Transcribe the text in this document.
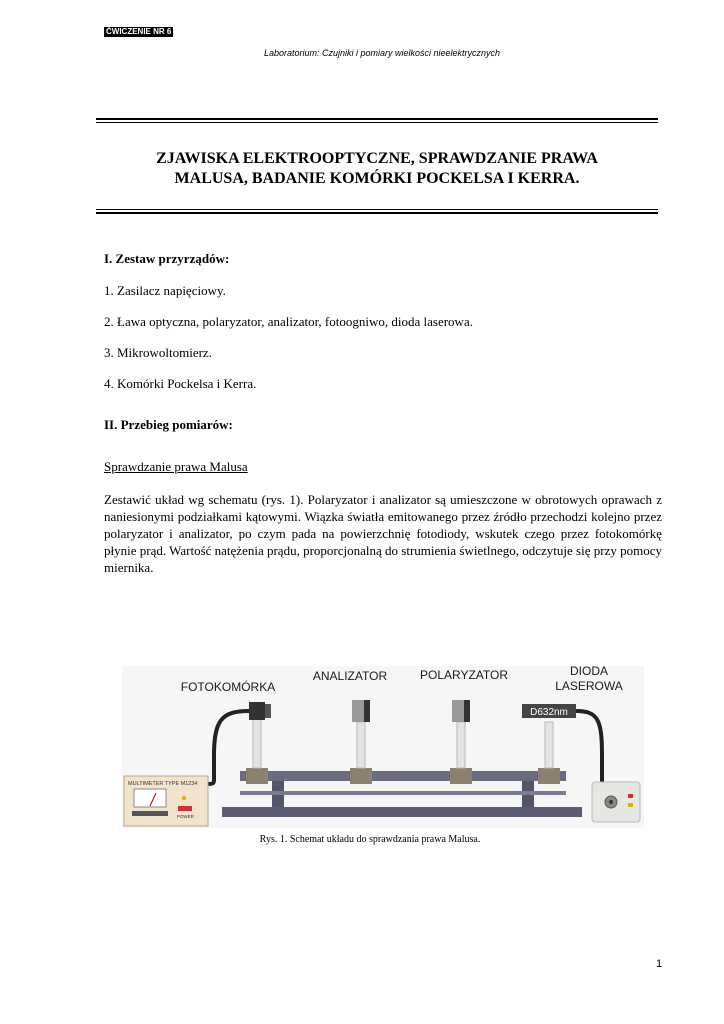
ĆWICZENIE NR 6
Laboratorium: Czujniki i pomiary wielkości nieelektrycznych
ZJAWISKA ELEKTROOPTYCZNE, SPRAWDZANIE PRAWA
MALUSA, BADANIE KOMÓRKI POCKELSA I KERRA.
I. Zestaw przyrządów:
1. Zasilacz napięciowy.
2. Ława optyczna, polaryzator, analizator, fotoogniwo, dioda laserowa.
3. Mikrowoltomierz.
4. Komórki Pockelsa i Kerra.
II. Przebieg pomiarów:
Sprawdzanie prawa Malusa
Zestawić układ wg schematu (rys. 1). Polaryzator i analizator są umieszczone w obrotowych oprawach z naniesionymi podziałkami kątowymi. Wiązka światła emitowanego przez źródło przechodzi kolejno przez polaryzator i analizator, po czym pada na powierzchnię fotodiody, wskutek czego przez fotokomórkę płynie prąd. Wartość natężenia prądu, proporcjonalną do strumienia świetlnego, odczytuje się przy pomocy miernika.
D632nm
MULTIMETER TYPE M1234
POWER
FOTOKOMÓRKA
ANALIZATOR	POLARYZATOR	DIODA
LASEROWA
Rys. 1. Schemat układu do sprawdzania prawa Malusa.
1
